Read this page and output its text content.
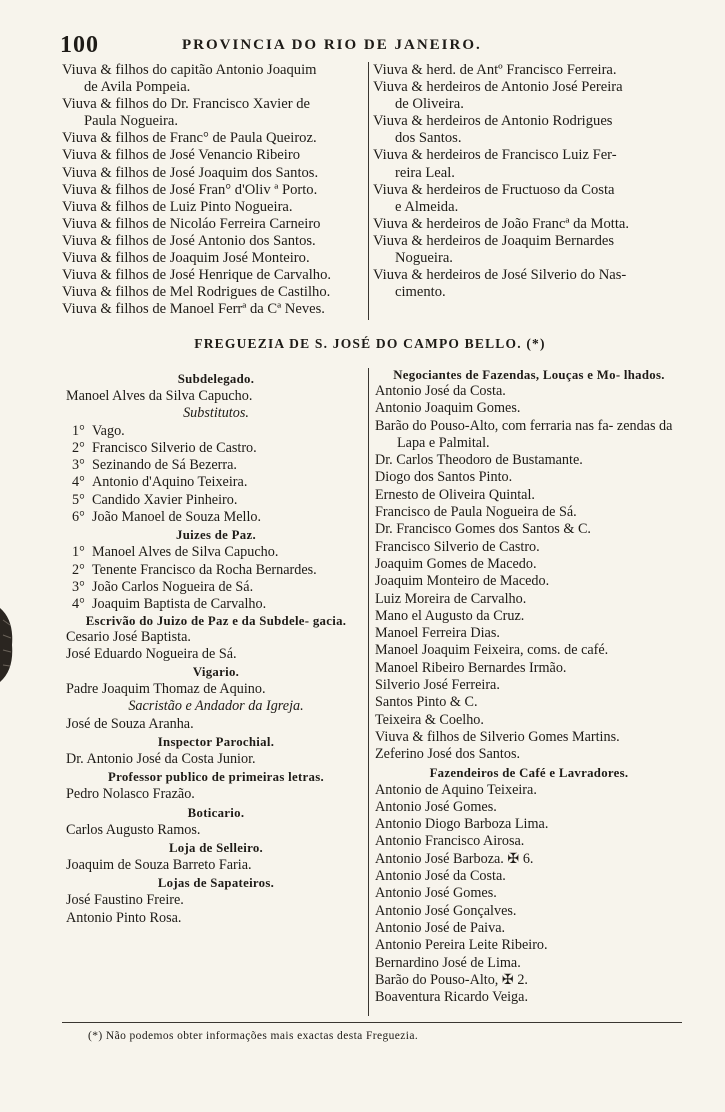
100	PROVINCIA DO RIO DE JANEIRO.
Viuva & filhos do capitão Antonio Joaquim
de Avila Pompeia.
Viuva & filhos do Dr. Francisco Xavier de
Paula Nogueira.
Viuva & filhos de Franc° de Paula Queiroz.
Viuva & filhos de José Venancio Ribeiro
Viuva & filhos de José Joaquim dos Santos.
Viuva & filhos de José Fran° d'Oliv ª Porto.
Viuva & filhos de Luiz Pinto Nogueira.
Viuva & filhos de Nicoláo Ferreira Carneiro
Viuva & filhos de José Antonio dos Santos.
Viuva & filhos de Joaquim José Monteiro.
Viuva & filhos de José Henrique de Carvalho.
Viuva & filhos de Mel Rodrigues de Castilho.
Viuva & filhos de Manoel Ferrª da Cª Neves.
Viuva & herd. de Antº Francisco Ferreira.
Viuva & herdeiros de Antonio José Pereira
de Oliveira.
Viuva & herdeiros de Antonio Rodrigues
dos Santos.
Viuva & herdeiros de Francisco Luiz Fer-
reira Leal.
Viuva & herdeiros de Fructuoso da Costa
e Almeida.
Viuva & herdeiros de João Francª da Motta.
Viuva & herdeiros de Joaquim Bernardes
Nogueira.
Viuva & herdeiros de José Silverio do Nas-
cimento.
FREGUEZIA DE S. JOSÉ DO CAMPO BELLO. (*)
Subdelegado.
Manoel Alves da Silva Capucho.
Substitutos.
1° Vago.
2° Francisco Silverio de Castro.
3° Sezinando de Sá Bezerra.
4° Antonio d'Aquino Teixeira.
5° Candido Xavier Pinheiro.
6° João Manoel de Souza Mello.
Juizes de Paz.
1° Manoel Alves de Silva Capucho.
2° Tenente Francisco da Rocha Bernardes.
3° João Carlos Nogueira de Sá.
4° Joaquim Baptista de Carvalho.
Escrivão do Juizo de Paz e da Subdele- gacia.
Cesario José Baptista.
José Eduardo Nogueira de Sá.
Vigario.
Padre Joaquim Thomaz de Aquino.
Sacristão e Andador da Igreja.
José de Souza Aranha.
Inspector Parochial.
Dr. Antonio José da Costa Junior.
Professor publico de primeiras letras.
Pedro Nolasco Frazão.
Boticario.
Carlos Augusto Ramos.
Loja de Selleiro.
Joaquim de Souza Barreto Faria.
Lojas de Sapateiros.
José Faustino Freire.
Antonio Pinto Rosa.
Negociantes de Fazendas, Louças e Mo- lhados.
Antonio José da Costa.
Antonio Joaquim Gomes.
Barão do Pouso-Alto, com ferraria nas fa- zendas da Lapa e Palmital.
Dr. Carlos Theodoro de Bustamante.
Diogo dos Santos Pinto.
Ernesto de Oliveira Quintal.
Francisco de Paula Nogueira de Sá.
Dr. Francisco Gomes dos Santos & C.
Francisco Silverio de Castro.
Joaquim Gomes de Macedo.
Joaquim Monteiro de Macedo.
Luiz Moreira de Carvalho.
Mano el Augusto da Cruz.
Manoel Ferreira Dias.
Manoel Joaquim Feixeira, coms. de café.
Manoel Ribeiro Bernardes Irmão.
Silverio José Ferreira.
Santos Pinto & C.
Teixeira & Coelho.
Viuva & filhos de Silverio Gomes Martins.
Zeferino José dos Santos.
Fazendeiros de Café e Lavradores.
Antonio de Aquino Teixeira.
Antonio José Gomes.
Antonio Diogo Barboza Lima.
Antonio Francisco Airosa.
Antonio José Barboza. ✠ 6.
Antonio José da Costa.
Antonio José Gomes.
Antonio José Gonçalves.
Antonio José de Paiva.
Antonio Pereira Leite Ribeiro.
Bernardino José de Lima.
Barão do Pouso-Alto, ✠ 2.
Boaventura Ricardo Veiga.
(*) Não podemos obter informações mais exactas desta Freguezia.
